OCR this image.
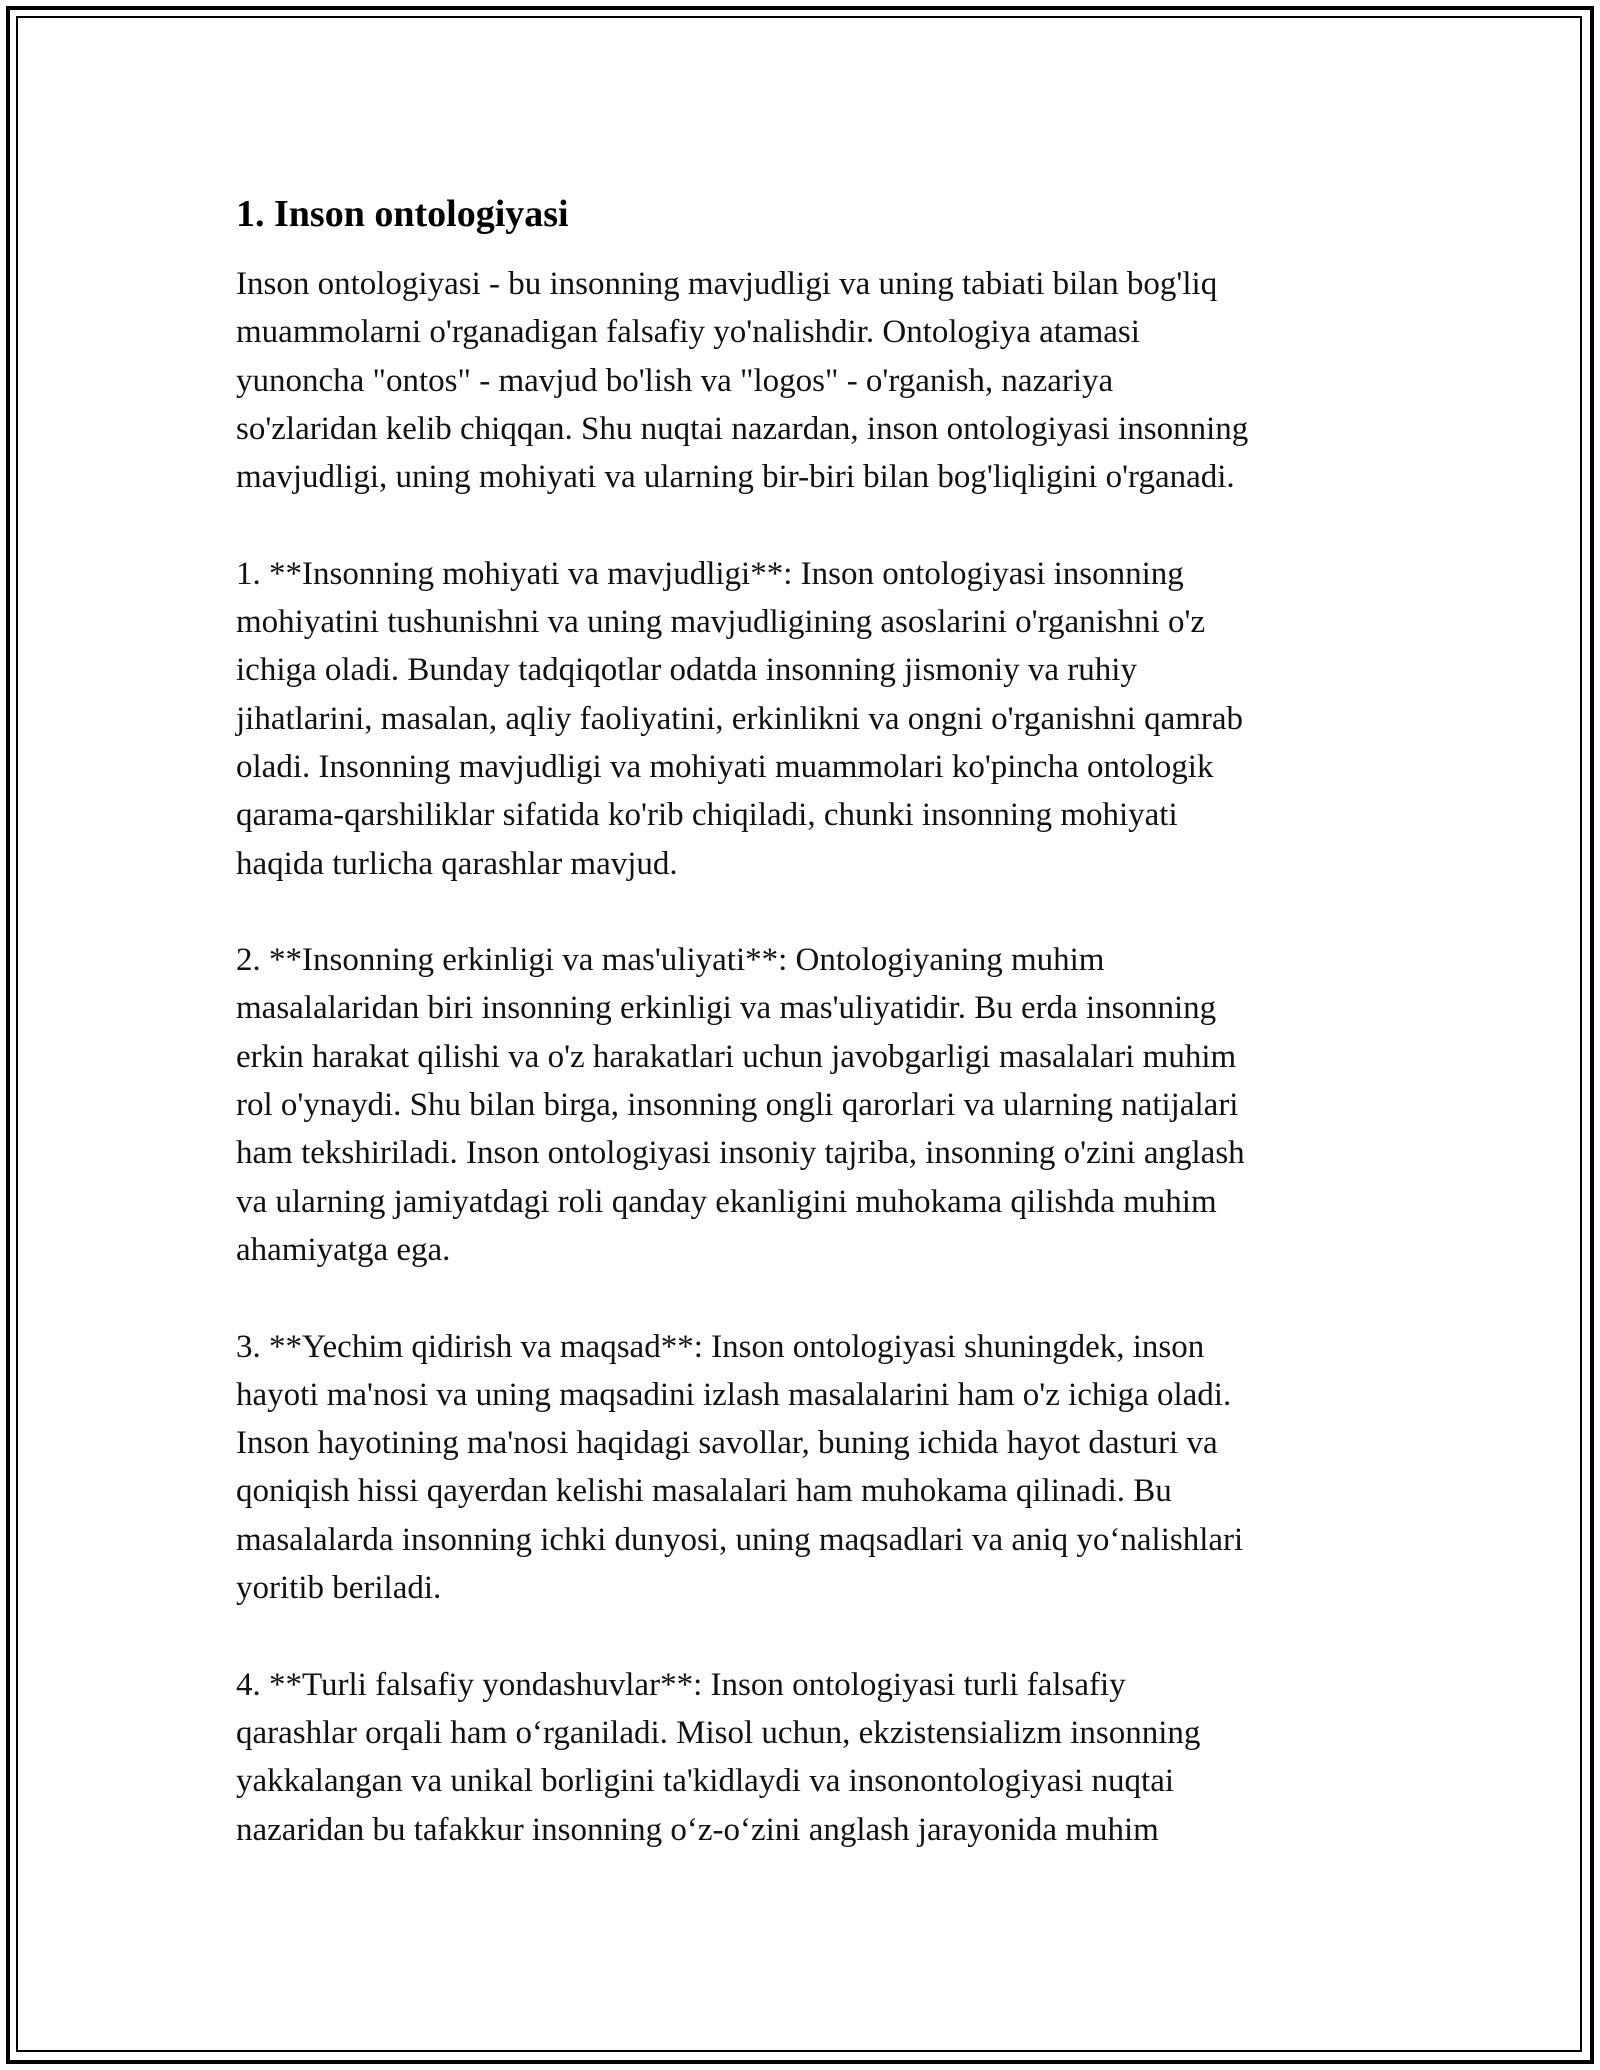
1. Inson ontologiyasi

Inson ontologiyasi - bu insonning mavjudligi va uning tabiati bilan bog'liq
muammolarni o'rganadigan falsafiy yo'nalishdir. Ontologiya atamasi
yunoncha "ontos" - mavjud bo'lish va "logos" - o'rganish, nazariya
so'zlaridan kelib chiqqan. Shu nuqtai nazardan, inson ontologiyasi insonning
mavjudligi, uning mohiyati va ularning bir-biri bilan bog'liqligini o'rganadi.

1. **Insonning mohiyati va mavjudligi**: Inson ontologiyasi insonning
mohiyatini tushunishni va uning mavjudligining asoslarini o'rganishni o'z
ichiga oladi. Bunday tadqiqotlar odatda insonning jismoniy va ruhiy
jihatlarini, masalan, aqliy faoliyatini, erkinlikni va ongni o'rganishni qamrab
oladi. Insonning mavjudligi va mohiyati muammolari ko'pincha ontologik
qarama-qarshiliklar sifatida ko'rib chiqiladi, chunki insonning mohiyati
haqida turlicha qarashlar mavjud.

2. **Insonning erkinligi va mas'uliyati**: Ontologiyaning muhim
masalalaridan biri insonning erkinligi va mas'uliyatidir. Bu erda insonning
erkin harakat qilishi va o'z harakatlari uchun javobgarligi masalalari muhim
rol o'ynaydi. Shu bilan birga, insonning ongli qarorlari va ularning natijalari
ham tekshiriladi. Inson ontologiyasi insoniy tajriba, insonning o'zini anglash
va ularning jamiyatdagi roli qanday ekanligini muhokama qilishda muhim
ahamiyatga ega.

3. **Yechim qidirish va maqsad**: Inson ontologiyasi shuningdek, inson
hayoti ma'nosi va uning maqsadini izlash masalalarini ham o'z ichiga oladi.
Inson hayotining ma'nosi haqidagi savollar, buning ichida hayot dasturi va
qoniqish hissi qayerdan kelishi masalalari ham muhokama qilinadi. Bu
masalalarda insonning ichki dunyosi, uning maqsadlari va aniq yo‘nalishlari
yoritib beriladi.

4. **Turli falsafiy yondashuvlar**: Inson ontologiyasi turli falsafiy
qarashlar orqali ham o‘rganiladi. Misol uchun, ekzistensializm insonning
yakkalangan va unikal borligini ta'kidlaydi va insonontologiyasi nuqtai
nazaridan bu tafakkur insonning o‘z-o‘zini anglash jarayonida muhim
